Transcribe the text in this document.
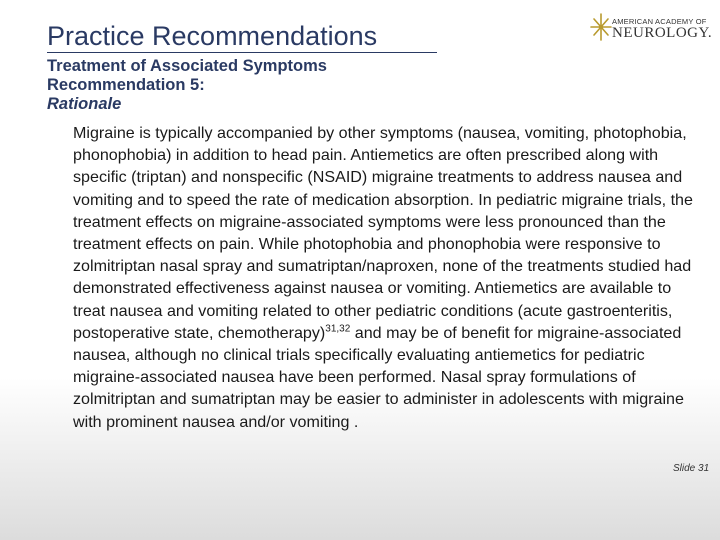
Practice Recommendations
Treatment of Associated Symptoms
Recommendation 5:
Rationale
AMERICAN ACADEMY OF
NEUROLOGY.

Migraine is typically accompanied by other symptoms (nausea, vomiting, photophobia, phonophobia) in addition to head pain. Antiemetics are often prescribed along with specific (triptan) and nonspecific (NSAID) migraine treatments to address nausea and vomiting and to speed the rate of medication absorption. In pediatric migraine trials, the treatment effects on migraine-associated symptoms were less pronounced than the treatment effects on pain. While photophobia and phonophobia were responsive to zolmitriptan nasal spray and sumatriptan/naproxen, none of the treatments studied had demonstrated effectiveness against nausea or vomiting. Antiemetics are available to treat nausea and vomiting related to other pediatric conditions (acute gastroenteritis, postoperative state, chemotherapy)$^{31,32}$ and may be of benefit for migraine-associated nausea, although no clinical trials specifically evaluating antiemetics for pediatric migraine-associated nausea have been performed. Nasal spray formulations of zolmitriptan and sumatriptan may be easier to administer in adolescents with migraine with prominent nausea and/or vomiting .

Slide 31
